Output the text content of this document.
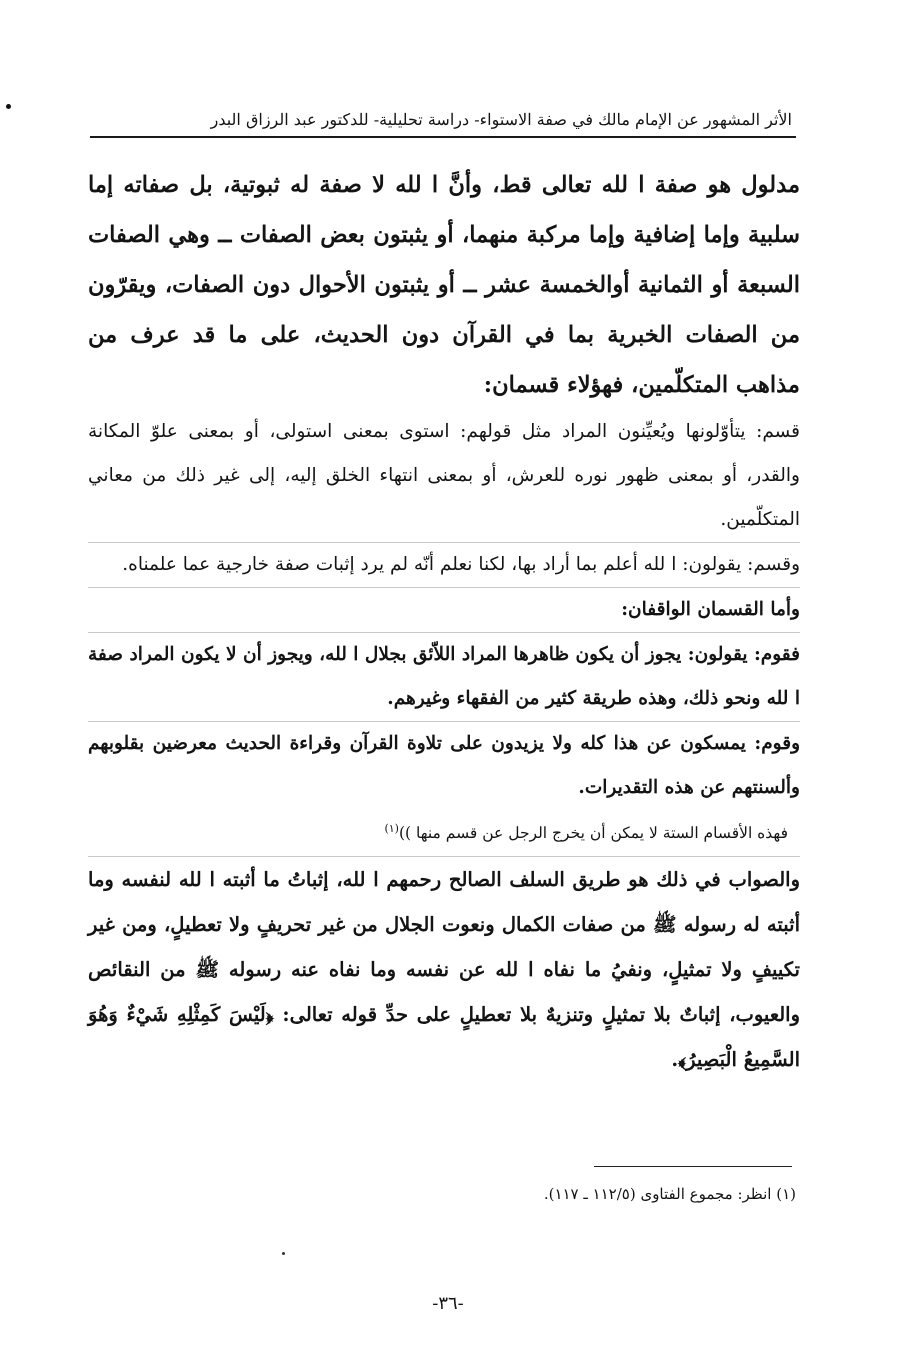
الأثر المشهور عن الإمام مالك في صفة الاستواء- دراسة تحليلية- للدكتور عبد الرزاق البدر

مدلول هو صفة ا لله تعالى قط، وأنَّ ا لله لا صفة له ثبوتية، بل صفاته إما سلبية وإما إضافية وإما مركبة منهما، أو يثبتون بعض الصفات ــ وهي الصفات السبعة أو الثمانية أوالخمسة عشر ــ أو يثبتون الأحوال دون الصفات، ويقرّون من الصفات الخبرية بما في القرآن دون الحديث، على ما قد عرف من مذاهب المتكلّمين، فهؤلاء قسمان:

قسم: يتأوّلونها ويُعيِّنون المراد مثل قولهم: استوى بمعنى استولى، أو بمعنى علوّ المكانة والقدر، أو بمعنى ظهور نوره للعرش، أو بمعنى انتهاء الخلق إليه، إلى غير ذلك من معاني المتكلّمين.

وقسم: يقولون: ا لله أعلم بما أراد بها، لكنا نعلم أنّه لم يرد إثبات صفة خارجية عما علمناه.

وأما القسمان الواقفان:

فقوم: يقولون: يجوز أن يكون ظاهرها المراد اللاّئق بجلال ا لله، ويجوز أن لا يكون المراد صفة ا لله ونحو ذلك، وهذه طريقة كثير من الفقهاء وغيرهم.

وقوم: يمسكون عن هذا كله ولا يزيدون على تلاوة القرآن وقراءة الحديث معرضين بقلوبهم وألسنتهم عن هذه التقديرات.

فهذه الأقسام الستة لا يمكن أن يخرج الرجل عن قسم منها ))$^{(١)}$

والصواب في ذلك هو طريق السلف الصالح رحمهم ا لله، إثباتُ ما أثبته ا لله لنفسه وما أثبته له رسوله ﷺ من صفات الكمال ونعوت الجلال من غير تحريفٍ ولا تعطيلٍ، ومن غير تكييفٍ ولا تمثيلٍ، ونفيُ ما نفاه ا لله عن نفسه وما نفاه عنه رسوله ﷺ من النقائص والعيوب، إثباتٌ بلا تمثيلٍ وتنزيهٌ بلا تعطيلٍ على حدِّ قوله تعالى: ﴿لَيْسَ كَمِثْلِهِ شَيْءٌ وَهُوَ السَّمِيعُ الْبَصِيرُ﴾.

(١) انظر: مجموع الفتاوى (١١٢/٥ ـ ١١٧).
-٣٦-
